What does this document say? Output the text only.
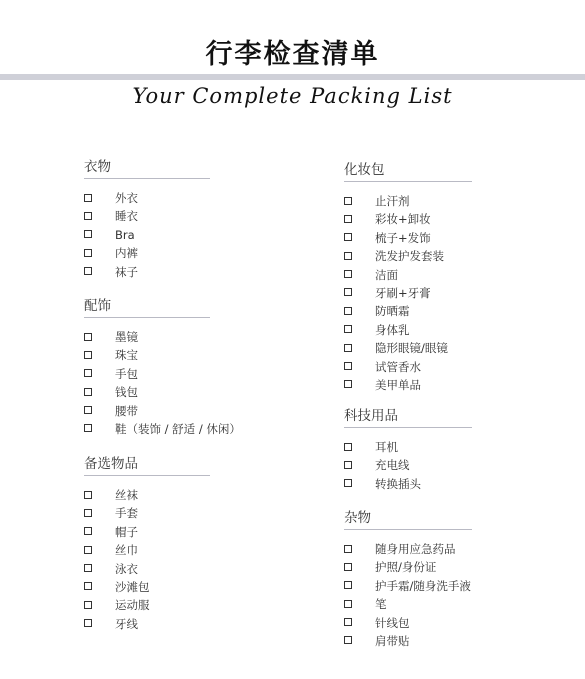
行李检查清单
Your Complete Packing List
衣物
外衣
睡衣
Bra
内裤
袜子
配饰
墨镜
珠宝
手包
钱包
腰带
鞋（装饰 / 舒适 / 休闲）
备选物品
丝袜
手套
帽子
丝巾
泳衣
沙滩包
运动服
牙线
化妆包
止汗剂
彩妆+卸妆
梳子+发饰
洗发护发套装
洁面
牙刷+牙膏
防晒霜
身体乳
隐形眼镜/眼镜
试管香水
美甲单品
科技用品
耳机
充电线
转换插头
杂物
随身用应急药品
护照/身份证
护手霜/随身洗手液
笔
针线包
肩带贴
